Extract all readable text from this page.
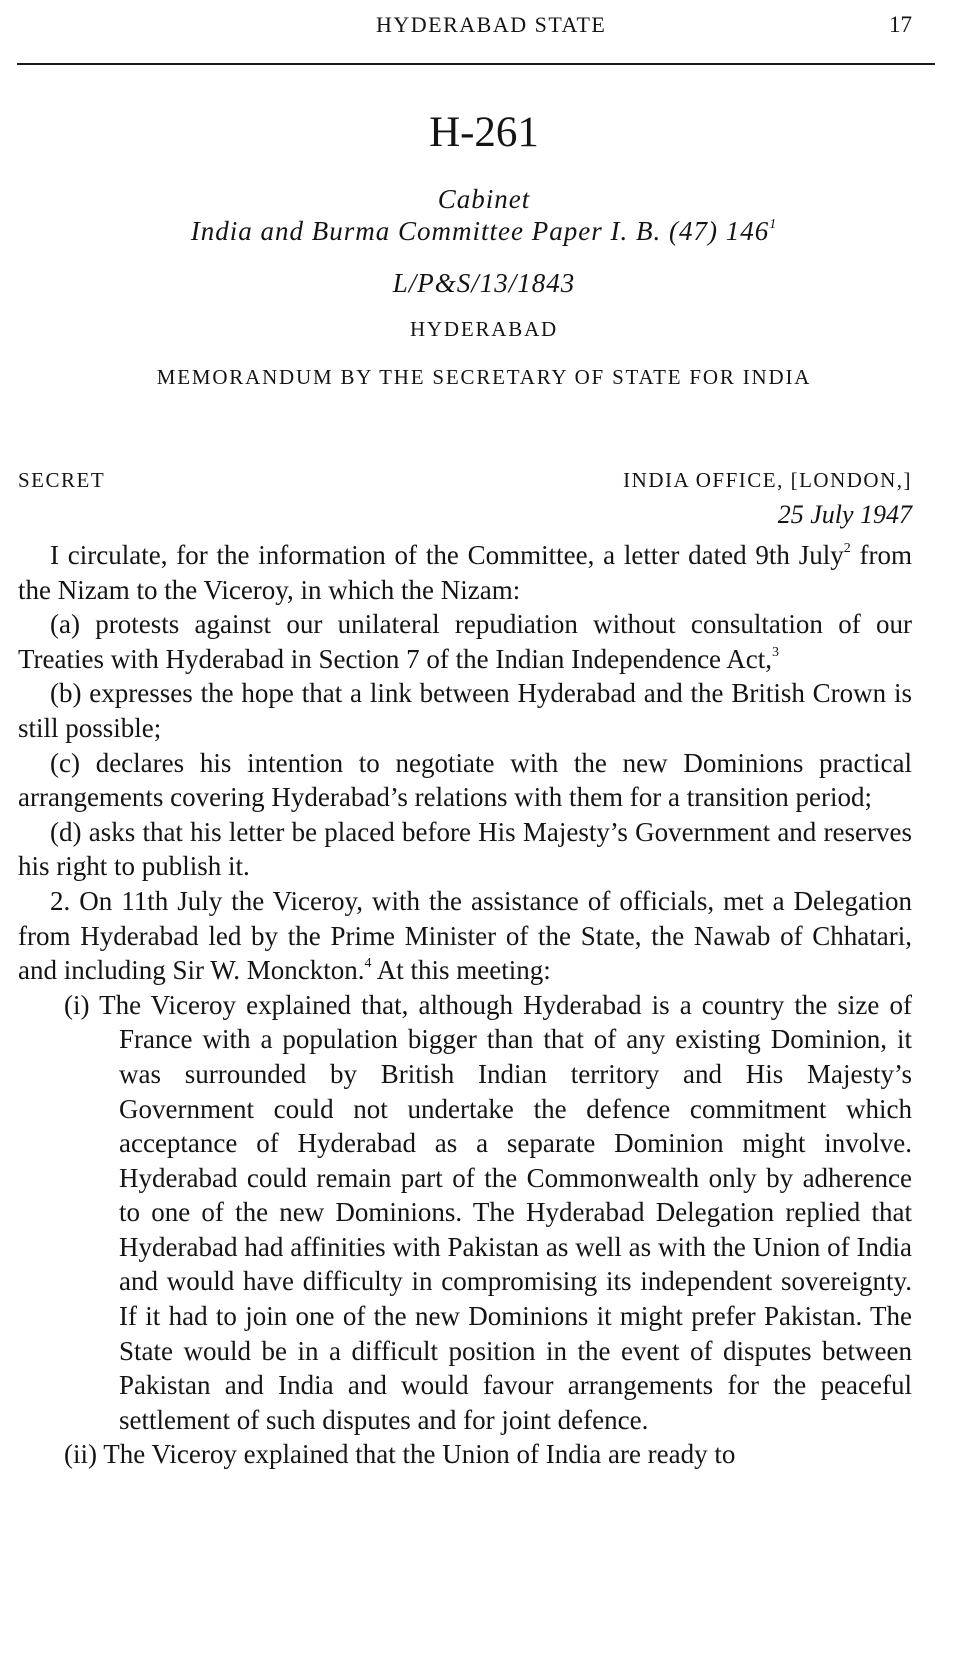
HYDERABAD STATE	17
H-261
Cabinet
India and Burma Committee Paper I. B. (47) $146^1$
L/P&S/13/1843
HYDERABAD
MEMORANDUM BY THE SECRETARY OF STATE FOR INDIA
SECRET	INDIA OFFICE, [LONDON,]
25 July 1947

I circulate, for the information of the Committee, a letter dated 9th July$^2$ from the Nizam to the Viceroy, in which the Nizam:

(a) protests against our unilateral repudiation without consultation of our Treaties with Hyderabad in Section 7 of the Indian Independence Act,$^3$

(b) expresses the hope that a link between Hyderabad and the British Crown is still possible;

(c) declares his intention to negotiate with the new Dominions practical arrangements covering Hyderabad’s relations with them for a transition period;

(d) asks that his letter be placed before His Majesty’s Government and reserves his right to publish it.

2. On 11th July the Viceroy, with the assistance of officials, met a Delegation from Hyderabad led by the Prime Minister of the State, the Nawab of Chhatari, and including Sir W. Monckton.$^4$ At this meeting:

(i) The Viceroy explained that, although Hyderabad is a country the size of France with a population bigger than that of any existing Dominion, it was surrounded by British Indian territory and His Majesty’s Government could not undertake the defence commitment which acceptance of Hyderabad as a separate Dominion might involve. Hyderabad could remain part of the Commonwealth only by adherence to one of the new Dominions. The Hyderabad Delegation replied that Hyderabad had affinities with Pakistan as well as with the Union of India and would have difficulty in compromising its independent sovereignty. If it had to join one of the new Dominions it might prefer Pakistan. The State would be in a difficult position in the event of disputes between Pakistan and India and would favour arrangements for the peaceful settlement of such disputes and for joint defence.

(ii) The Viceroy explained that the Union of India are ready to
